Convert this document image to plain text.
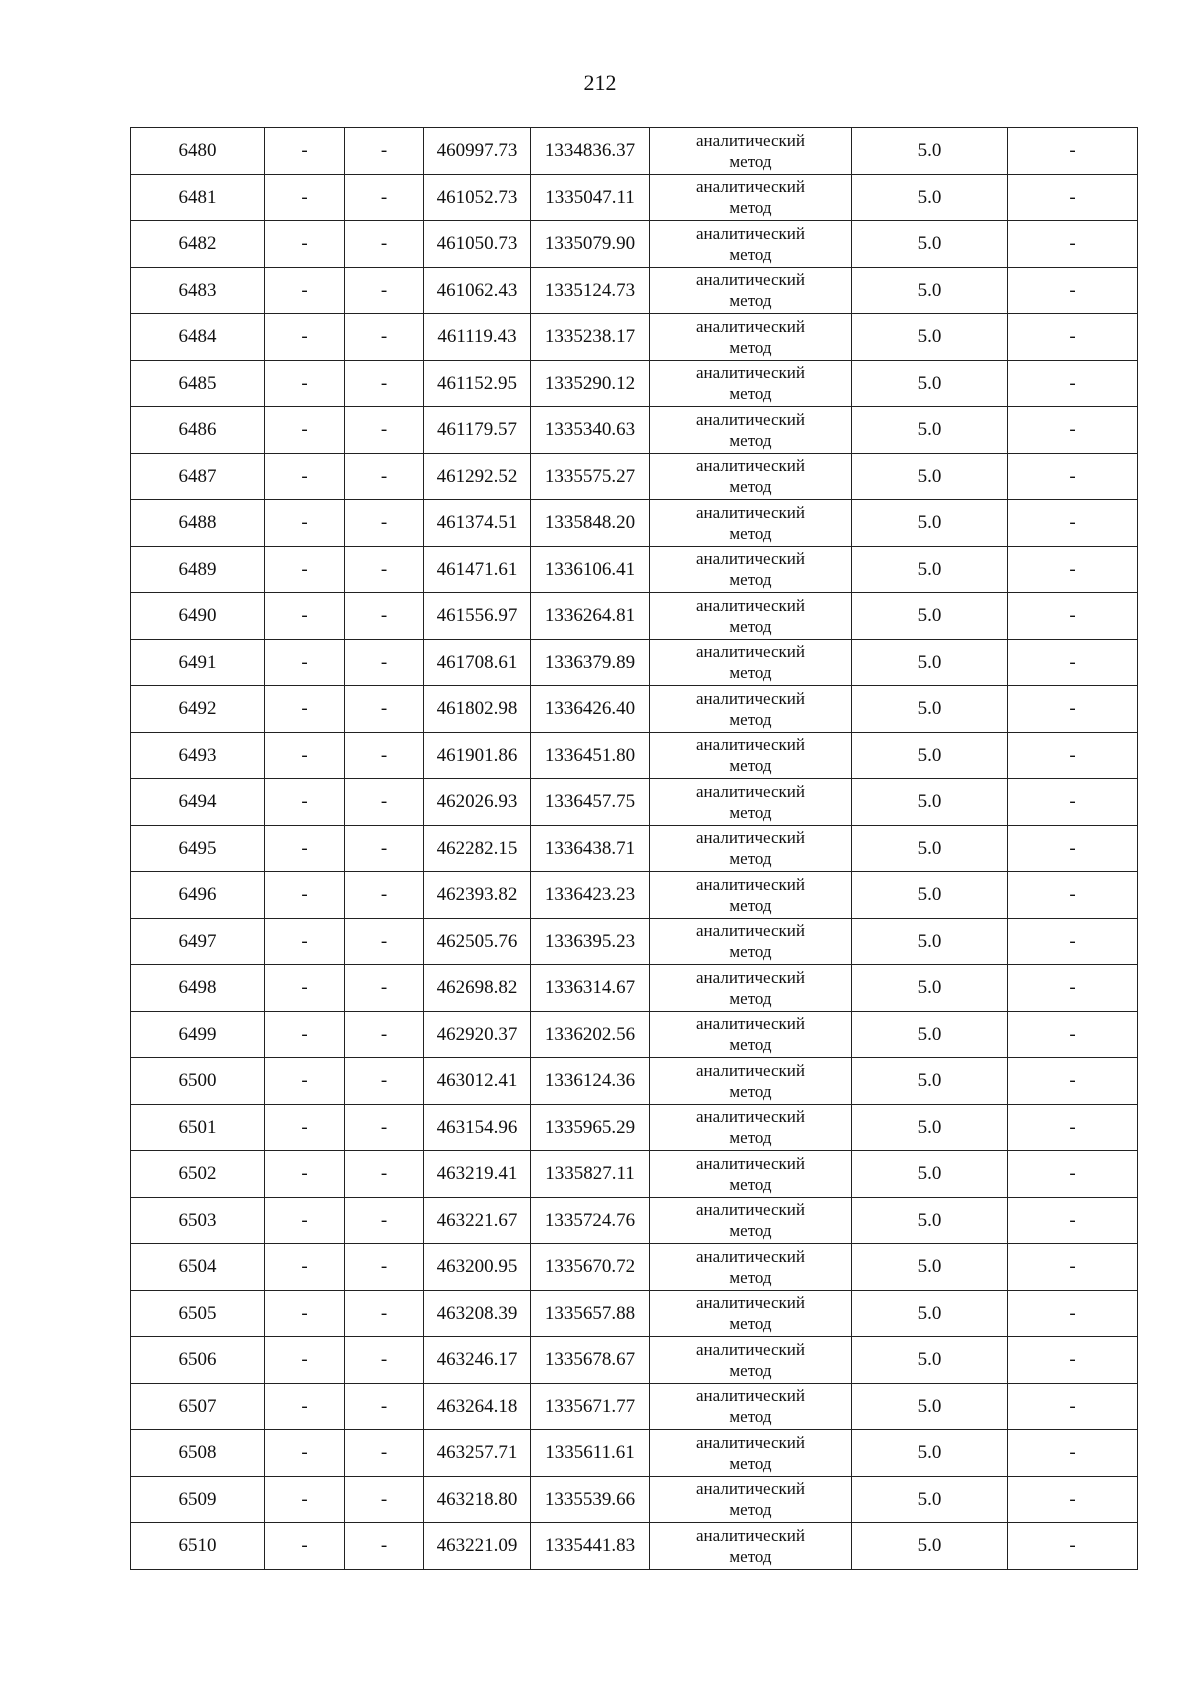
212
6480	-	-	460997.73	1334836.37	аналитический
метод	5.0	-
6481	-	-	461052.73	1335047.11	аналитический
метод	5.0	-
6482	-	-	461050.73	1335079.90	аналитический
метод	5.0	-
6483	-	-	461062.43	1335124.73	аналитический
метод	5.0	-
6484	-	-	461119.43	1335238.17	аналитический
метод	5.0	-
6485	-	-	461152.95	1335290.12	аналитический
метод	5.0	-
6486	-	-	461179.57	1335340.63	аналитический
метод	5.0	-
6487	-	-	461292.52	1335575.27	аналитический
метод	5.0	-
6488	-	-	461374.51	1335848.20	аналитический
метод	5.0	-
6489	-	-	461471.61	1336106.41	аналитический
метод	5.0	-
6490	-	-	461556.97	1336264.81	аналитический
метод	5.0	-
6491	-	-	461708.61	1336379.89	аналитический
метод	5.0	-
6492	-	-	461802.98	1336426.40	аналитический
метод	5.0	-
6493	-	-	461901.86	1336451.80	аналитический
метод	5.0	-
6494	-	-	462026.93	1336457.75	аналитический
метод	5.0	-
6495	-	-	462282.15	1336438.71	аналитический
метод	5.0	-
6496	-	-	462393.82	1336423.23	аналитический
метод	5.0	-
6497	-	-	462505.76	1336395.23	аналитический
метод	5.0	-
6498	-	-	462698.82	1336314.67	аналитический
метод	5.0	-
6499	-	-	462920.37	1336202.56	аналитический
метод	5.0	-
6500	-	-	463012.41	1336124.36	аналитический
метод	5.0	-
6501	-	-	463154.96	1335965.29	аналитический
метод	5.0	-
6502	-	-	463219.41	1335827.11	аналитический
метод	5.0	-
6503	-	-	463221.67	1335724.76	аналитический
метод	5.0	-
6504	-	-	463200.95	1335670.72	аналитический
метод	5.0	-
6505	-	-	463208.39	1335657.88	аналитический
метод	5.0	-
6506	-	-	463246.17	1335678.67	аналитический
метод	5.0	-
6507	-	-	463264.18	1335671.77	аналитический
метод	5.0	-
6508	-	-	463257.71	1335611.61	аналитический
метод	5.0	-
6509	-	-	463218.80	1335539.66	аналитический
метод	5.0	-
6510	-	-	463221.09	1335441.83	аналитический
метод	5.0	-
